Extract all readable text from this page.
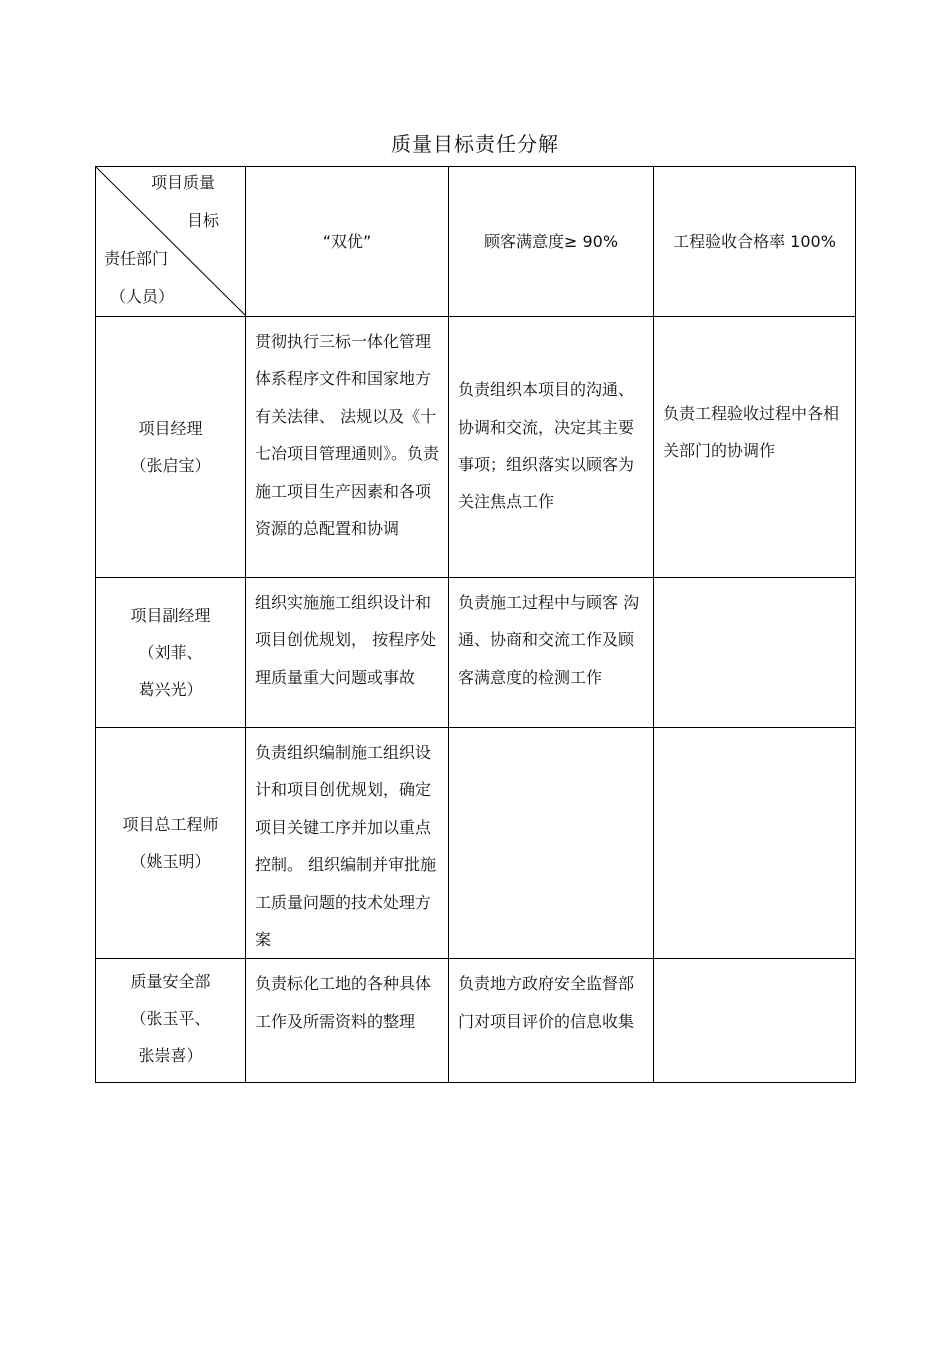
质量目标责任分解
项目质量
目标
责任部门
（人员）	“双优”	顾客满意度≥ 90%	工程验收合格率 100%

项目经理
（张启宝）	贯彻执行三标一体化管理体系程序文件和国家地方有关法律、 法规以及《十七冶项目管理通则》。负责施工项目生产因素和各项资源的总配置和协调	负责组织本项目的沟通、协调和交流，决定其主要事项；组织落实以顾客为关注焦点工作	负责工程验收过程中各相关部门的协调作

项目副经理
（刘菲、
葛兴光）	组织实施施工组织设计和项目创优规划， 按程序处理质量重大问题或事故	负责施工过程中与顾客 沟通、协商和交流工作及顾客满意度的检测工作	

项目总工程师
（姚玉明）	负责组织编制施工组织设计和项目创优规划，确定项目关键工序并加以重点控制。 组织编制并审批施工质量问题的技术处理方案		

质量安全部
（张玉平、
张崇喜）	负责标化工地的各种具体工作及所需资料的整理	负责地方政府安全监督部门对项目评价的信息收集	
